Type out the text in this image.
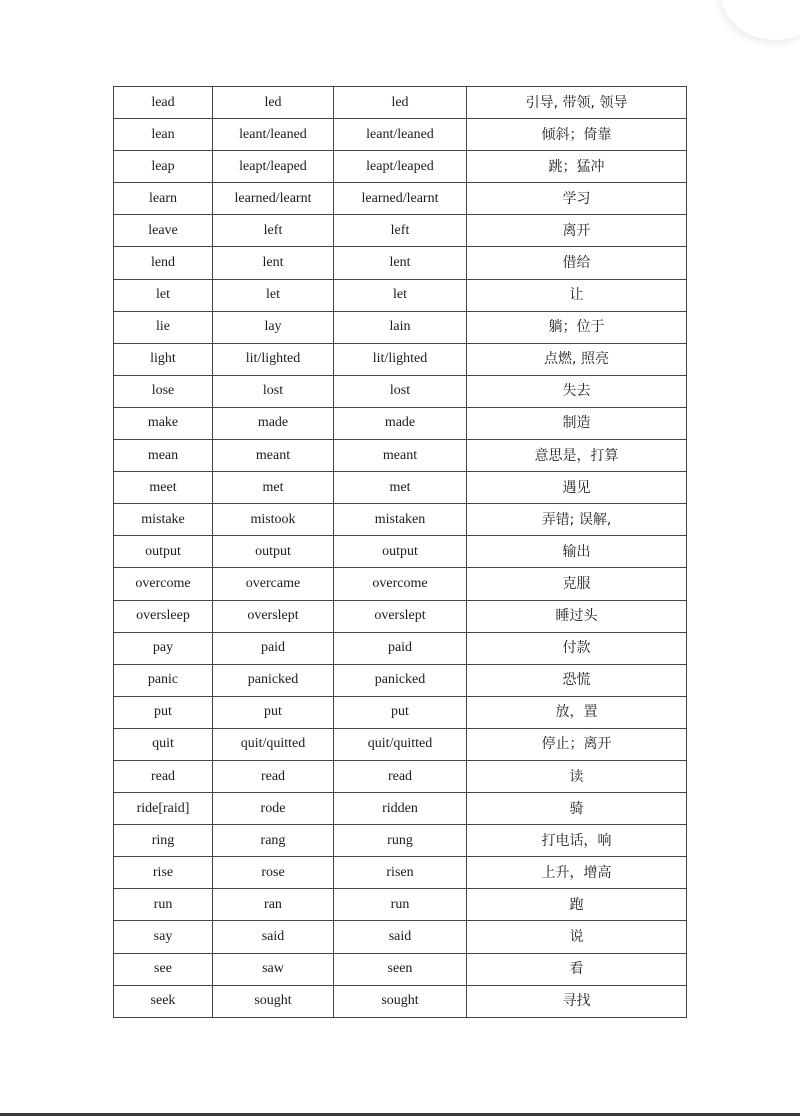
lead	led	led	引导, 带领, 领导
lean	leant/leaned	leant/leaned	倾斜；倚靠
leap	leapt/leaped	leapt/leaped	跳；猛冲
learn	learned/learnt	learned/learnt	学习
leave	left	left	离开
lend	lent	lent	借给
let	let	let	让
lie	lay	lain	躺；位于
light	lit/lighted	lit/lighted	点燃, 照亮
lose	lost	lost	失去
make	made	made	制造
mean	meant	meant	意思是，打算
meet	met	met	遇见
mistake	mistook	mistaken	弄错; 误解,
output	output	output	输出
overcome	overcame	overcome	克服
oversleep	overslept	overslept	睡过头
pay	paid	paid	付款
panic	panicked	panicked	恐慌
put	put	put	放，置
quit	quit/quitted	quit/quitted	停止；离开
read	read	read	读
ride[raid]	rode	ridden	骑
ring	rang	rung	打电话，响
rise	rose	risen	上升，增高
run	ran	run	跑
say	said	said	说
see	saw	seen	看
seek	sought	sought	寻找
